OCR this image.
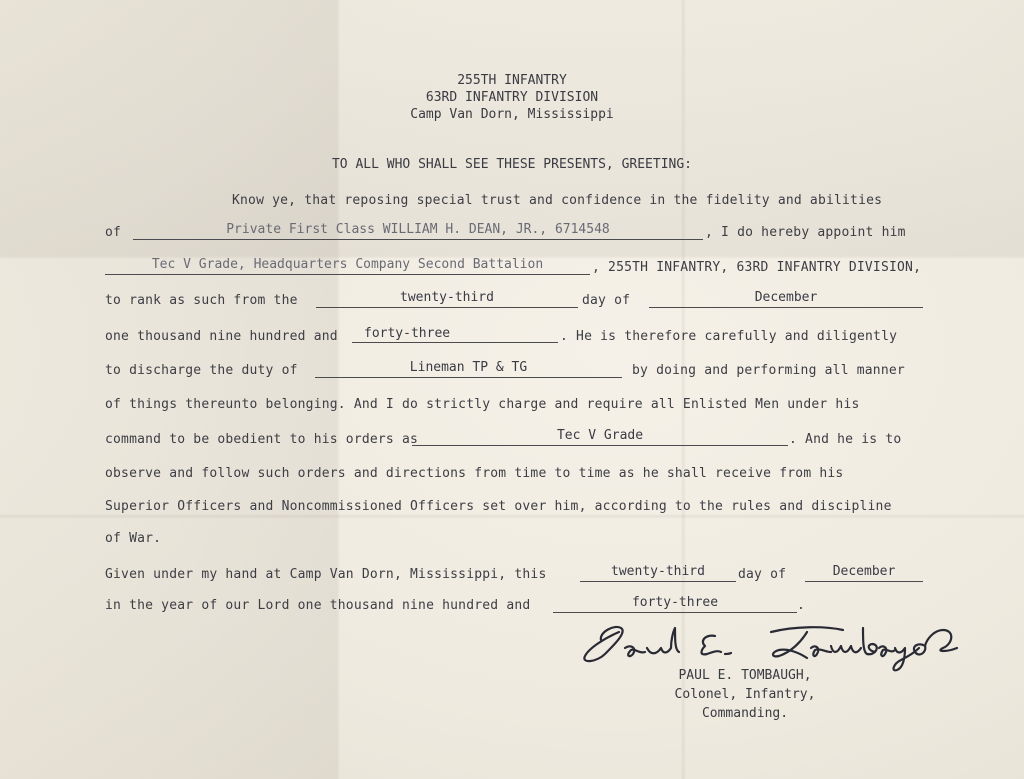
255TH INFANTRY
63RD INFANTRY DIVISION
Camp Van Dorn, Mississippi
TO ALL WHO SHALL SEE THESE PRESENTS, GREETING:
Know ye, that reposing special trust and confidence in the fidelity and abilities
of	Private First Class WILLIAM H. DEAN, JR., 6714548	, I do hereby appoint him
Tec V Grade, Headquarters Company Second Battalion	, 255TH INFANTRY, 63RD INFANTRY DIVISION,
to rank as such from the	twenty-third	day of	December
one thousand nine hundred and	forty-three	. He is therefore carefully and diligently
to discharge the duty of	Lineman TP & TG	by doing and performing all manner
of things thereunto belonging. And I do strictly charge and require all Enlisted Men under his
command to be obedient to his orders as	Tec V Grade	. And he is to
observe and follow such orders and directions from time to time as he shall receive from his
Superior Officers and Noncommissioned Officers set over him, according to the rules and discipline
of War.
Given under my hand at Camp Van Dorn, Mississippi, this	twenty-third	day of	December
in the year of our Lord one thousand nine hundred and	forty-three	.
PAUL E. TOMBAUGH,
Colonel, Infantry,
Commanding.
